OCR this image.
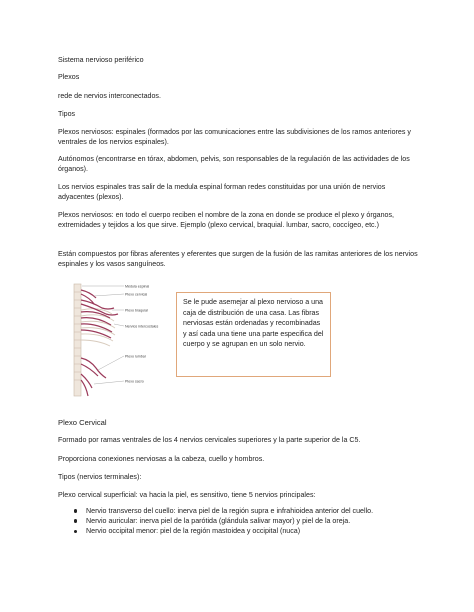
Sistema nervioso periférico

Plexos

rede de nervios interconectados.

Tipos

Plexos nerviosos: espinales (formados por las comunicaciones entre las subdivisiones de los ramos anteriores y ventrales de los nervios espinales).

Autónomos (encontrarse en tórax, abdomen, pelvis, son responsables de la regulación de las actividades de los órganos).

Los nervios espinales tras salir de la medula espinal forman redes constituidas por una unión de nervios adyacentes (plexos).

Plexos nerviosos: en todo el cuerpo reciben el nombre de la zona en donde se produce el plexo y órganos, extremidades y tejidos a los que sirve. Ejemplo (plexo cervical, braquial. lumbar, sacro, coccígeo, etc.)

Están compuestos por fibras aferentes y eferentes que surgen de la fusión de las ramitas anteriores de los nervios espinales y los vasos sanguíneos.

Médula espinal
Plexo cervical
Plexo braquial
Nervios intercostales
Plexo lumbar
Plexo sacro
Se le pude asemejar al plexo nervioso a una caja de distribución de una casa. Las fibras nerviosas están ordenadas y recombinadas y así cada una tiene una parte especifica del cuerpo y se agrupan en un solo nervio.

Plexo Cervical

Formado por ramas ventrales de los 4 nervios cervicales superiores y la parte superior de la C5.

Proporciona conexiones nerviosas a la cabeza, cuello y hombros.

Tipos (nervios terminales):

Plexo cervical superficial: va hacia la piel, es sensitivo, tiene 5 nervios principales:

Nervio transverso del cuello: inerva piel de la región supra e infrahioidea anterior del cuello.
Nervio auricular: inerva piel de la parótida (glándula salivar mayor) y piel de la oreja.
Nervio occipital menor: piel de la región mastoidea y occipital (nuca)
